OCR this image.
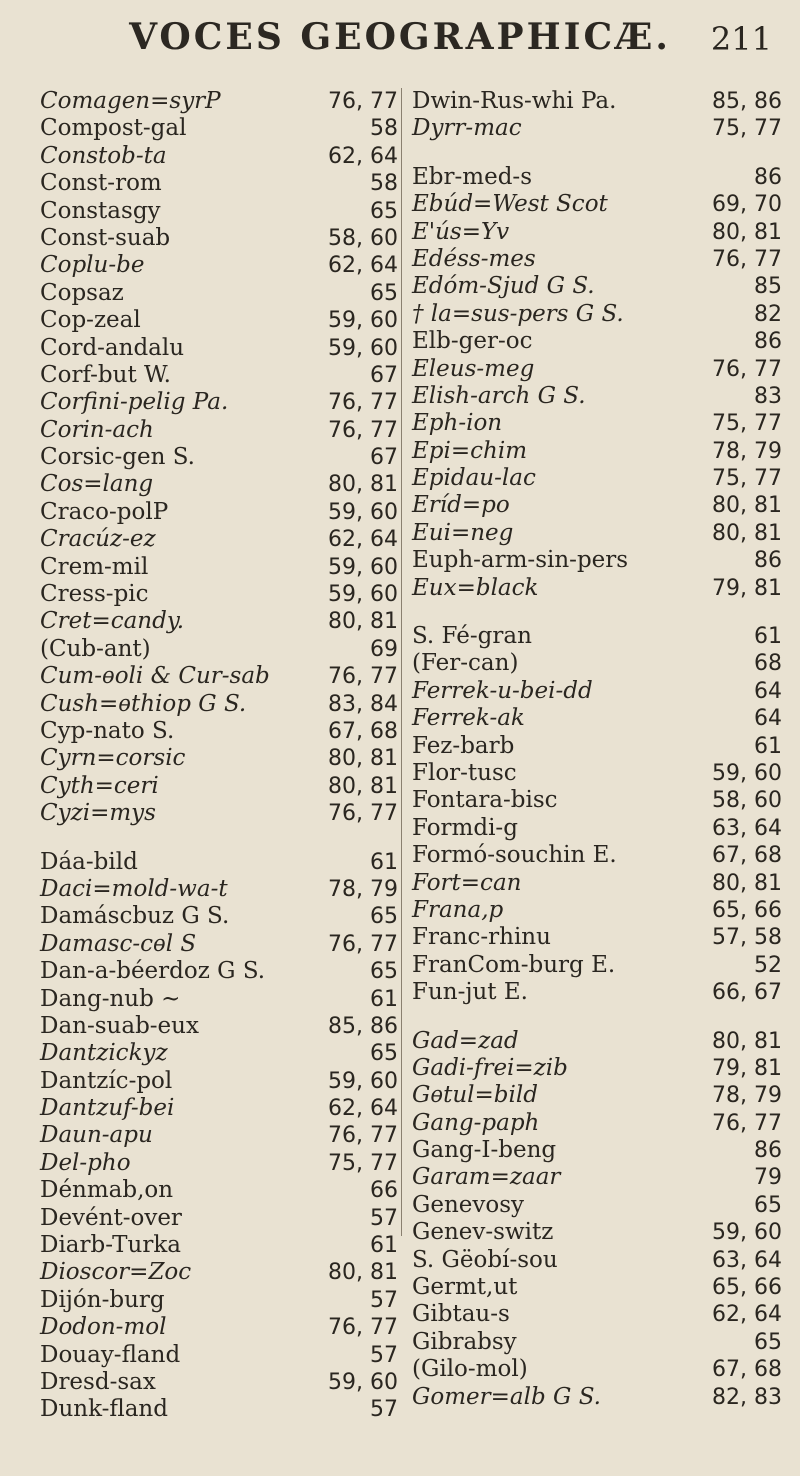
VOCES GEOGRAPHICÆ.	211
Comagen=syrP	76, 77
Compost-gal	58
Constob-ta	62, 64
Const-rom	58
Constasgy	65
Const-suab	58, 60
Coplu-be	62, 64
Copsaz	65
Cop-zeal	59, 60
Cord-andalu	59, 60
Corf-but W.	67
Corfini-pelig Pa.	76, 77
Corin-ach	76, 77
Corsic-gen S.	67
Cos=lang	80, 81
Craco-polP	59, 60
Cracúz-ez	62, 64
Crem-mil	59, 60
Cress-pic	59, 60
Cret=candy.	80, 81
(Cub-ant)	69
Cum-ѳoli & Cur-sab	76, 77
Cush=ѳthiop G S.	83, 84
Cyp-nato S.	67, 68
Cyrn=corsic	80, 81
Cyth=ceri	80, 81
Cyzi=mys	76, 77
Dáa-bild	61
Daci=mold-wa-t	78, 79
Damáscbuz G S.	65
Damasc-cѳl S	76, 77
Dan-a-béerdoz G S.	65
Dang-nub ~	61
Dan-suab-eux	85, 86
Dantzickyz	65
Dantzíc-pol	59, 60
Dantzuf-bei	62, 64
Daun-apu	76, 77
Del-pho	75, 77
Dénmab,on	66
Devént-over	57
Diarb-Turka	61
Dioscor=Zoc	80, 81
Dijón-burg	57
Dodon-mol	76, 77
Douay-fland	57
Dresd-sax	59, 60
Dunk-fland	57
Dwin-Rus-whi Pa.	85, 86
Dyrr-mac	75, 77
Ebr-med-s	86
Ebúd=West Scot	69, 70
E'ús=Yv	80, 81
Edéss-mes	76, 77
Edóm-Sjud G S.	85
† la=sus-pers G S.	82
Elb-ger-oc	86
Eleus-meg	76, 77
Elish-arch G S.	83
Eph-ion	75, 77
Epi=chim	78, 79
Epidau-lac	75, 77
Eríd=po	80, 81
Eui=neg	80, 81
Euph-arm-sin-pers	86
Eux=black	79, 81
S. Fé-gran	61
(Fer-can)	68
Ferrek-u-bei-dd	64
Ferrek-ak	64
Fez-barb	61
Flor-tusc	59, 60
Fontara-bisc	58, 60
Formdi-g	63, 64
Formó-souchin E.	67, 68
Fort=can	80, 81
Frana,p	65, 66
Franc-rhinu	57, 58
FranCom-burg E.	52
Fun-jut E.	66, 67
Gad=zad	80, 81
Gadi-frei=zib	79, 81
Gѳtul=bild	78, 79
Gang-paph	76, 77
Gang-I-beng	86
Garam=zaar	79
Genevosy	65
Genev-switz	59, 60
S. Gёobí-sou	63, 64
Germt,ut	65, 66
Gibtau-s	62, 64
Gibrabsy	65
(Gilo-mol)	67, 68
Gomer=alb G S.	82, 83
